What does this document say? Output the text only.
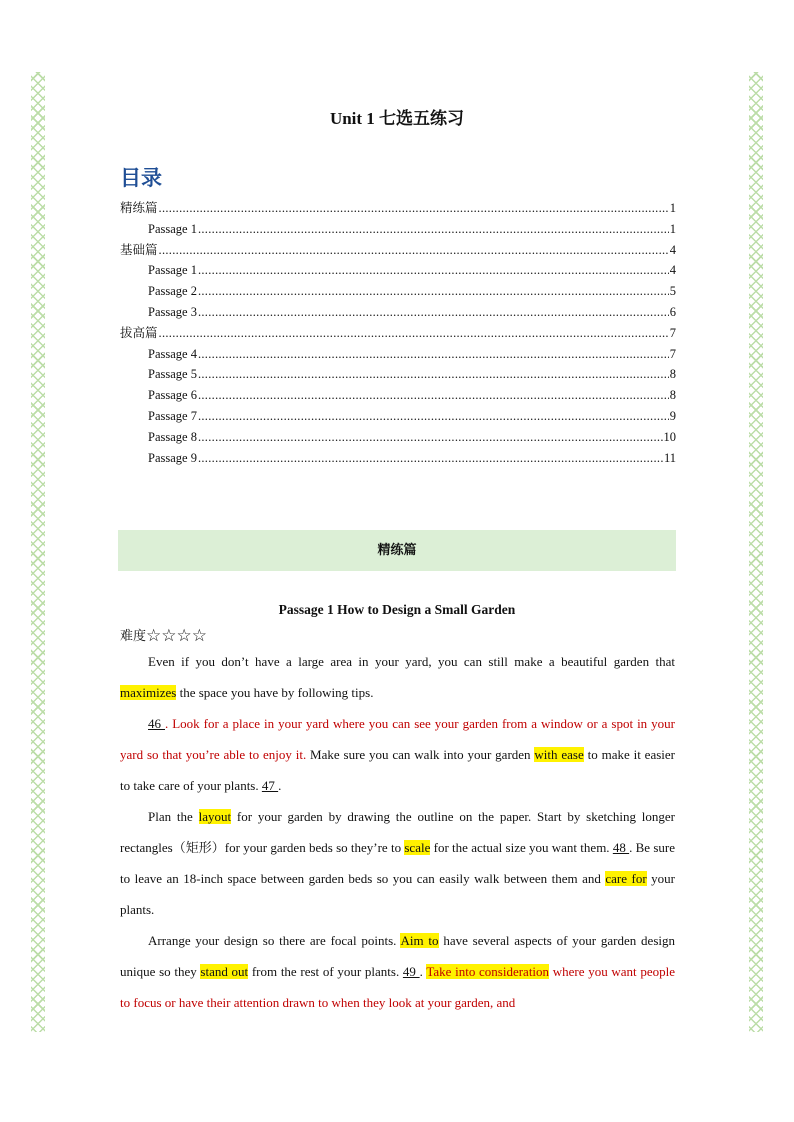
Unit 1 七选五练习
目录
精练篇 .....	1
Passage 1 .....	1
基础篇 .....	4
Passage 1 .....	4
Passage 2 .....	5
Passage 3 .....	6
拔高篇 .....	7
Passage 4 .....	7
Passage 5 .....	8
Passage 6 .....	8
Passage 7 .....	9
Passage 8 .....	10
Passage 9 .....	11
精练篇
Passage 1 How to Design a Small Garden
难度 ☆☆☆☆

Even if you don’t have a large area in your yard, you can still make a beautiful garden that maximizes the space you have by following tips.

46 . Look for a place in your yard where you can see your garden from a window or a spot in your yard so that you’re able to enjoy it. Make sure you can walk into your garden with ease to make it easier to take care of your plants. 47 .

Plan the layout for your garden by drawing the outline on the paper. Start by sketching longer rectangles（矩形）for your garden beds so they’re to scale for the actual size you want them. 48 . Be sure to leave an 18-inch space between garden beds so you can easily walk between them and care for your plants.

Arrange your design so there are focal points. Aim to have several aspects of your garden design unique so they stand out from the rest of your plants. 49 . Take into consideration where you want people to focus or have their attention drawn to when they look at your garden, and
